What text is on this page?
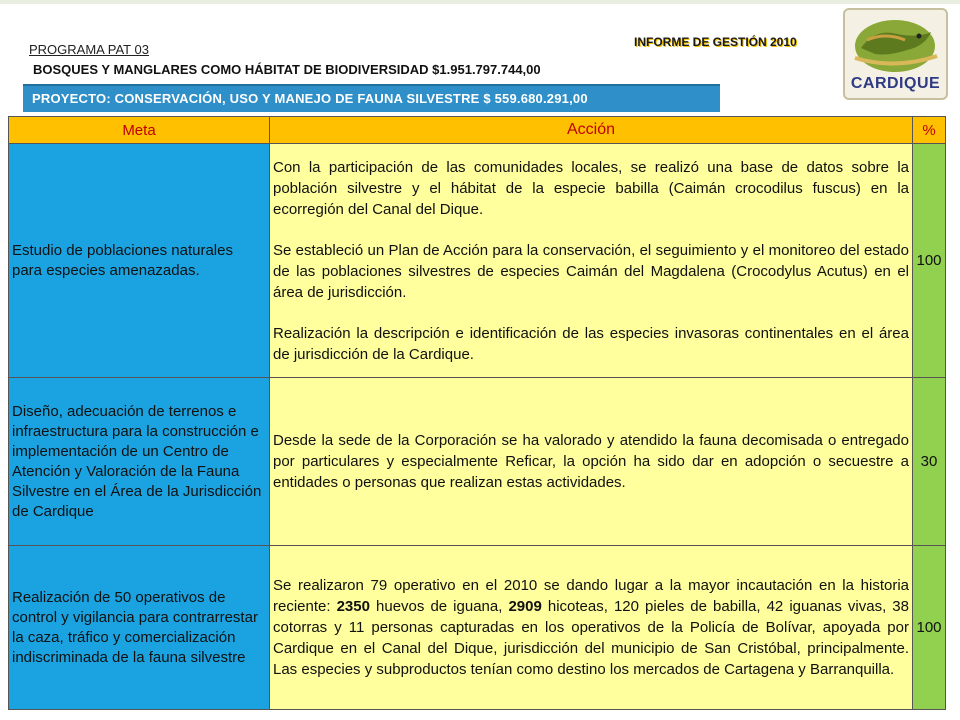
INFORME DE GESTIÓN 2010
PROGRAMA PAT 03
BOSQUES Y MANGLARES COMO HÁBITAT DE BIODIVERSIDAD $1.951.797.744,00
PROYECTO: CONSERVACIÓN, USO Y MANEJO DE FAUNA SILVESTRE $ 559.680.291,00
CARDIQUE
Meta	Acción	%
Estudio de poblaciones naturales para especies amenazadas.	Con la participación de las comunidades locales, se realizó una base de datos sobre la población silvestre y el hábitat de la especie babilla (Caimán crocodilus fuscus) en la ecorregión del Canal del Dique.

Se estableció un Plan de Acción para la conservación, el seguimiento y el monitoreo del estado de las poblaciones silvestres de especies Caimán del Magdalena (Crocodylus Acutus) en el área de jurisdicción.

Realización la descripción e identificación de las especies invasoras continentales en el área de jurisdicción de la Cardique.	100
Diseño, adecuación de terrenos e infraestructura para la construcción e implementación de un Centro de Atención y Valoración de la Fauna Silvestre en el Área de la Jurisdicción de Cardique	Desde la sede de la Corporación se ha valorado y atendido la fauna decomisada o entregado por particulares y especialmente Reficar, la opción ha sido dar en adopción o secuestre a entidades o personas que realizan estas actividades.	30
Realización de 50 operativos de control y vigilancia para contrarrestar la caza, tráfico y comercialización indiscriminada de la fauna silvestre	Se realizaron 79 operativo en el 2010 se dando lugar a la mayor incautación en la historia reciente: 2350 huevos de iguana, 2909 hicoteas, 120 pieles de babilla, 42 iguanas vivas, 38 cotorras y 11 personas capturadas en los operativos de la Policía de Bolívar, apoyada por Cardique en el Canal del Dique, jurisdicción del municipio de San Cristóbal, principalmente. Las especies y subproductos tenían como destino los mercados de Cartagena y Barranquilla.	100
